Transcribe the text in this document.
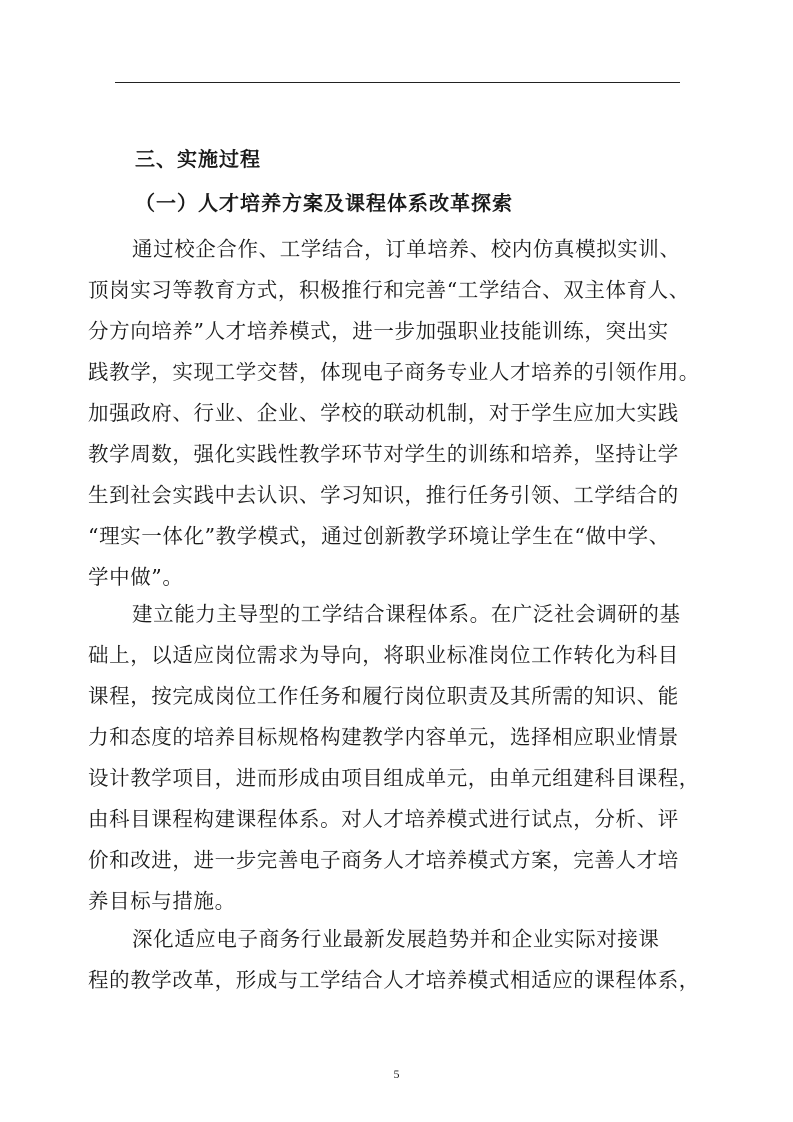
三、实施过程
（一）人才培养方案及课程体系改革探索
通过校企合作、工学结合，订单培养、校内仿真模拟实训、
顶岗实习等教育方式，积极推行和完善“工学结合、双主体育人、
分方向培养”人才培养模式，进一步加强职业技能训练，突出实
践教学，实现工学交替，体现电子商务专业人才培养的引领作用。
加强政府、行业、企业、学校的联动机制，对于学生应加大实践
教学周数，强化实践性教学环节对学生的训练和培养，坚持让学
生到社会实践中去认识、学习知识，推行任务引领、工学结合的
“理实一体化”教学模式，通过创新教学环境让学生在“做中学、
学中做”。
建立能力主导型的工学结合课程体系。在广泛社会调研的基
础上，以适应岗位需求为导向，将职业标准岗位工作转化为科目
课程，按完成岗位工作任务和履行岗位职责及其所需的知识、能
力和态度的培养目标规格构建教学内容单元，选择相应职业情景
设计教学项目，进而形成由项目组成单元，由单元组建科目课程，
由科目课程构建课程体系。对人才培养模式进行试点，分析、评
价和改进，进一步完善电子商务人才培养模式方案，完善人才培
养目标与措施。
深化适应电子商务行业最新发展趋势并和企业实际对接课
程的教学改革，形成与工学结合人才培养模式相适应的课程体系，
5
